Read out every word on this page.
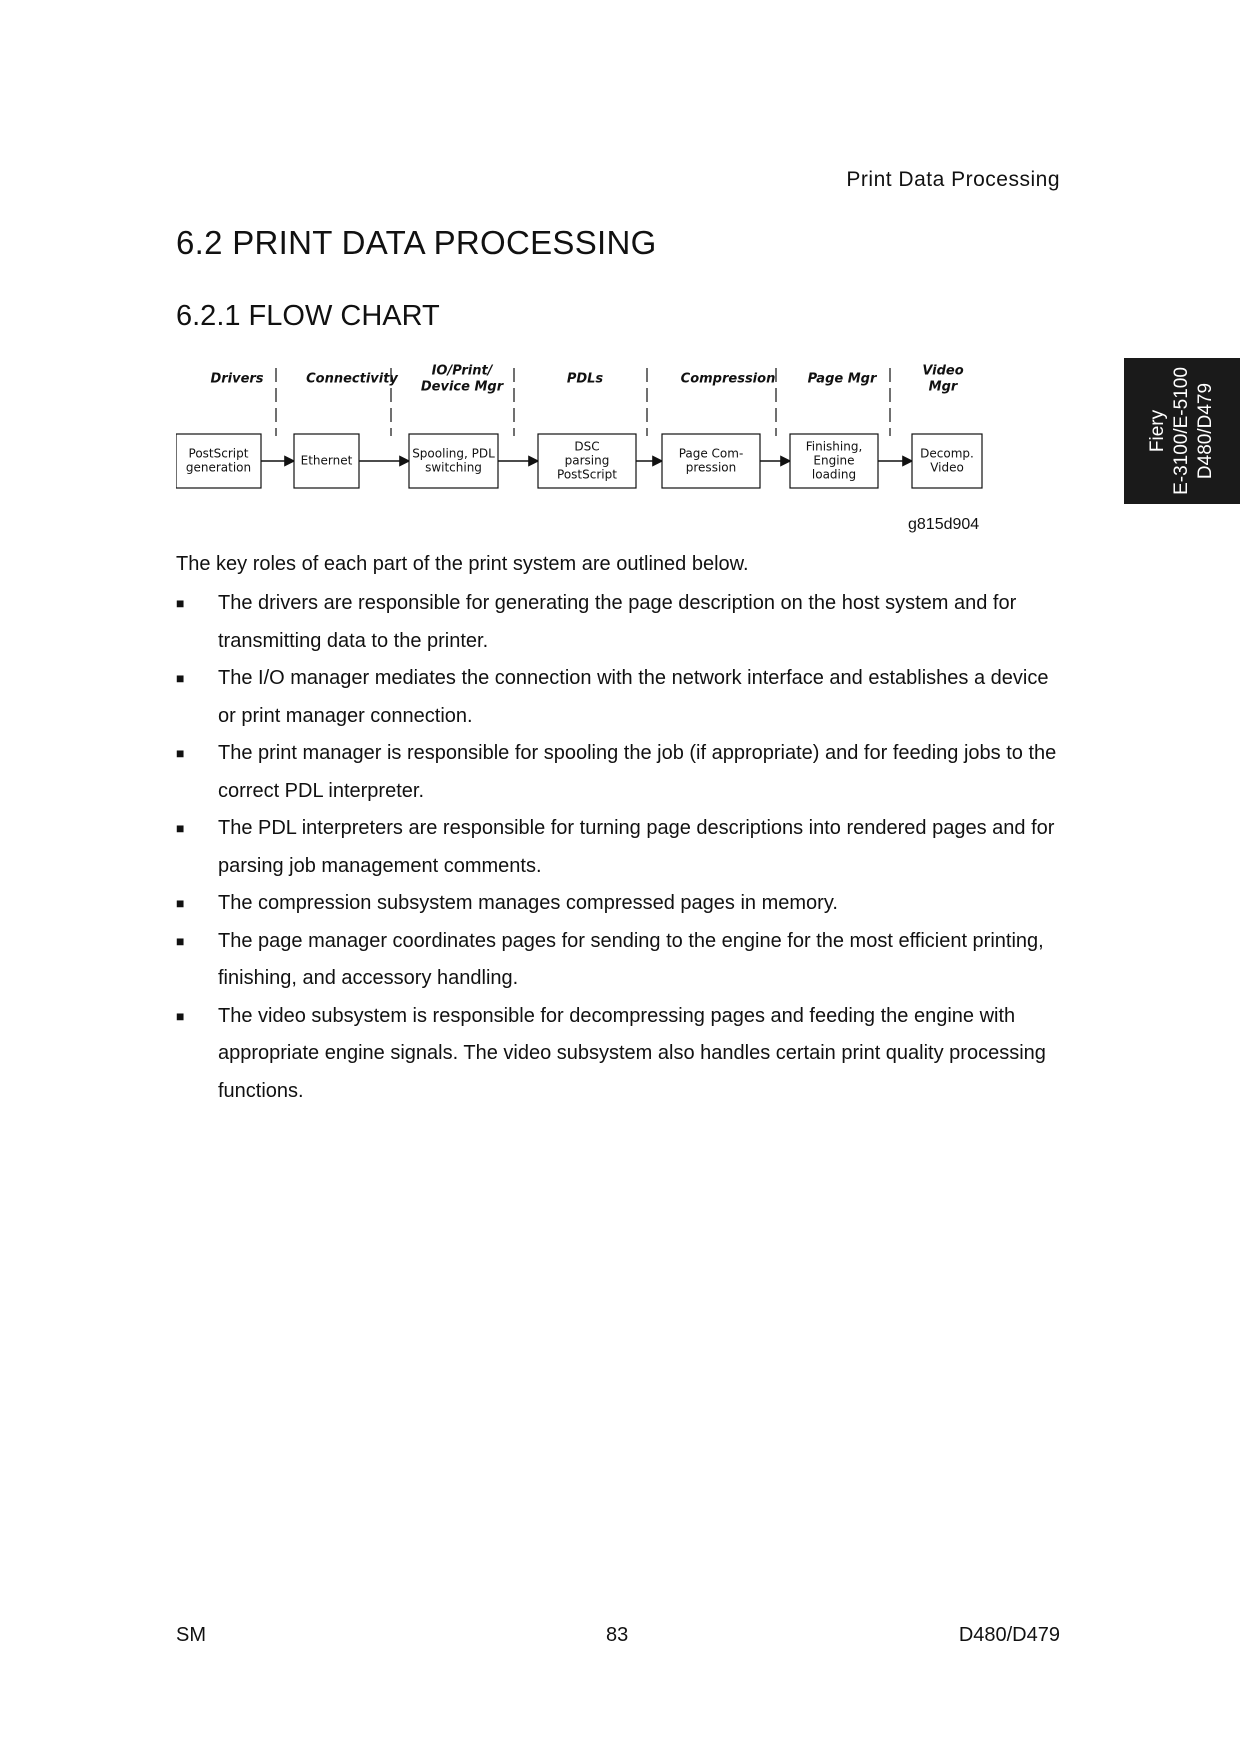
Print Data Processing
6.2 PRINT DATA PROCESSING
6.2.1 FLOW CHART
Fiery E-3100/E-5100 D480/D479
PostScript
generation
Drivers
Ethernet
Connectivity
Spooling, PDL
switching
IO/Print/
Device Mgr
DSC
parsing
PostScript
PDLs
Page Com-
pression
Compression
Finishing,
Engine
loading
Page Mgr
Decomp.
Video
Video
Mgr
g815d904

The key roles of each part of the print system are outlined below.

■ The drivers are responsible for generating the page description on the host system and for transmitting data to the printer.
■ The I/O manager mediates the connection with the network interface and establishes a device or print manager connection.
■ The print manager is responsible for spooling the job (if appropriate) and for feeding jobs to the correct PDL interpreter.
■ The PDL interpreters are responsible for turning page descriptions into rendered pages and for parsing job management comments.
■ The compression subsystem manages compressed pages in memory.
■ The page manager coordinates pages for sending to the engine for the most efficient printing, finishing, and accessory handling.
■ The video subsystem is responsible for decompressing pages and feeding the engine with appropriate engine signals. The video subsystem also handles certain print quality processing functions.
SM	83	D480/D479
